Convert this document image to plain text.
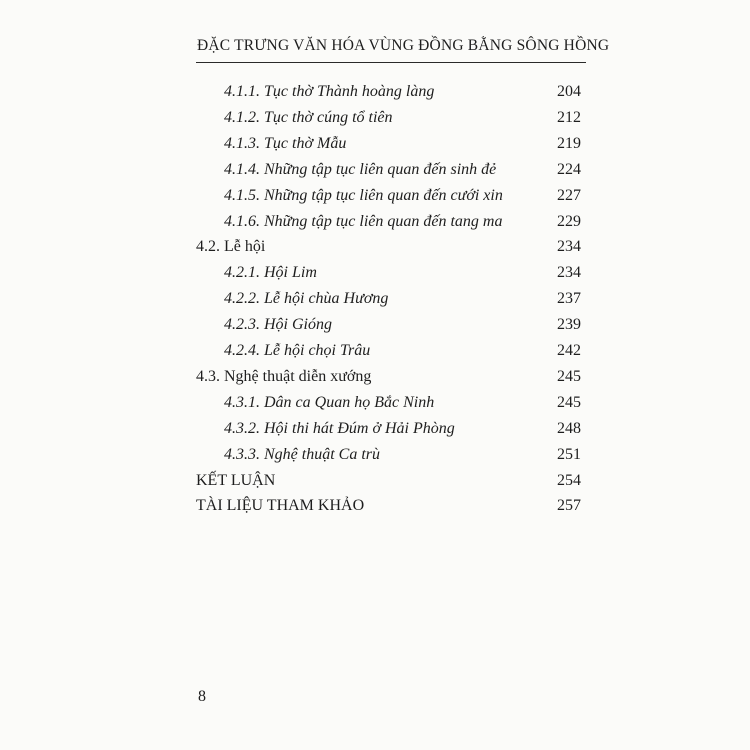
ĐẶC TRƯNG VĂN HÓA VÙNG ĐỒNG BẰNG SÔNG HỒNG
4.1.1. Tục thờ Thành hoàng làng	204
4.1.2. Tục thờ cúng tổ tiên	212
4.1.3. Tục thờ Mẫu	219
4.1.4. Những tập tục liên quan đến sinh đẻ	224
4.1.5. Những tập tục liên quan đến cưới xin	227
4.1.6. Những tập tục liên quan đến tang ma	229
4.2. Lễ hội	234
4.2.1. Hội Lim	234
4.2.2. Lễ hội chùa Hương	237
4.2.3. Hội Gióng	239
4.2.4. Lễ hội chọi Trâu	242
4.3. Nghệ thuật diễn xướng	245
4.3.1. Dân ca Quan họ Bắc Ninh	245
4.3.2. Hội thi hát Đúm ở Hải Phòng	248
4.3.3. Nghệ thuật Ca trù	251
KẾT LUẬN	254
TÀI LIỆU THAM KHẢO	257
8
